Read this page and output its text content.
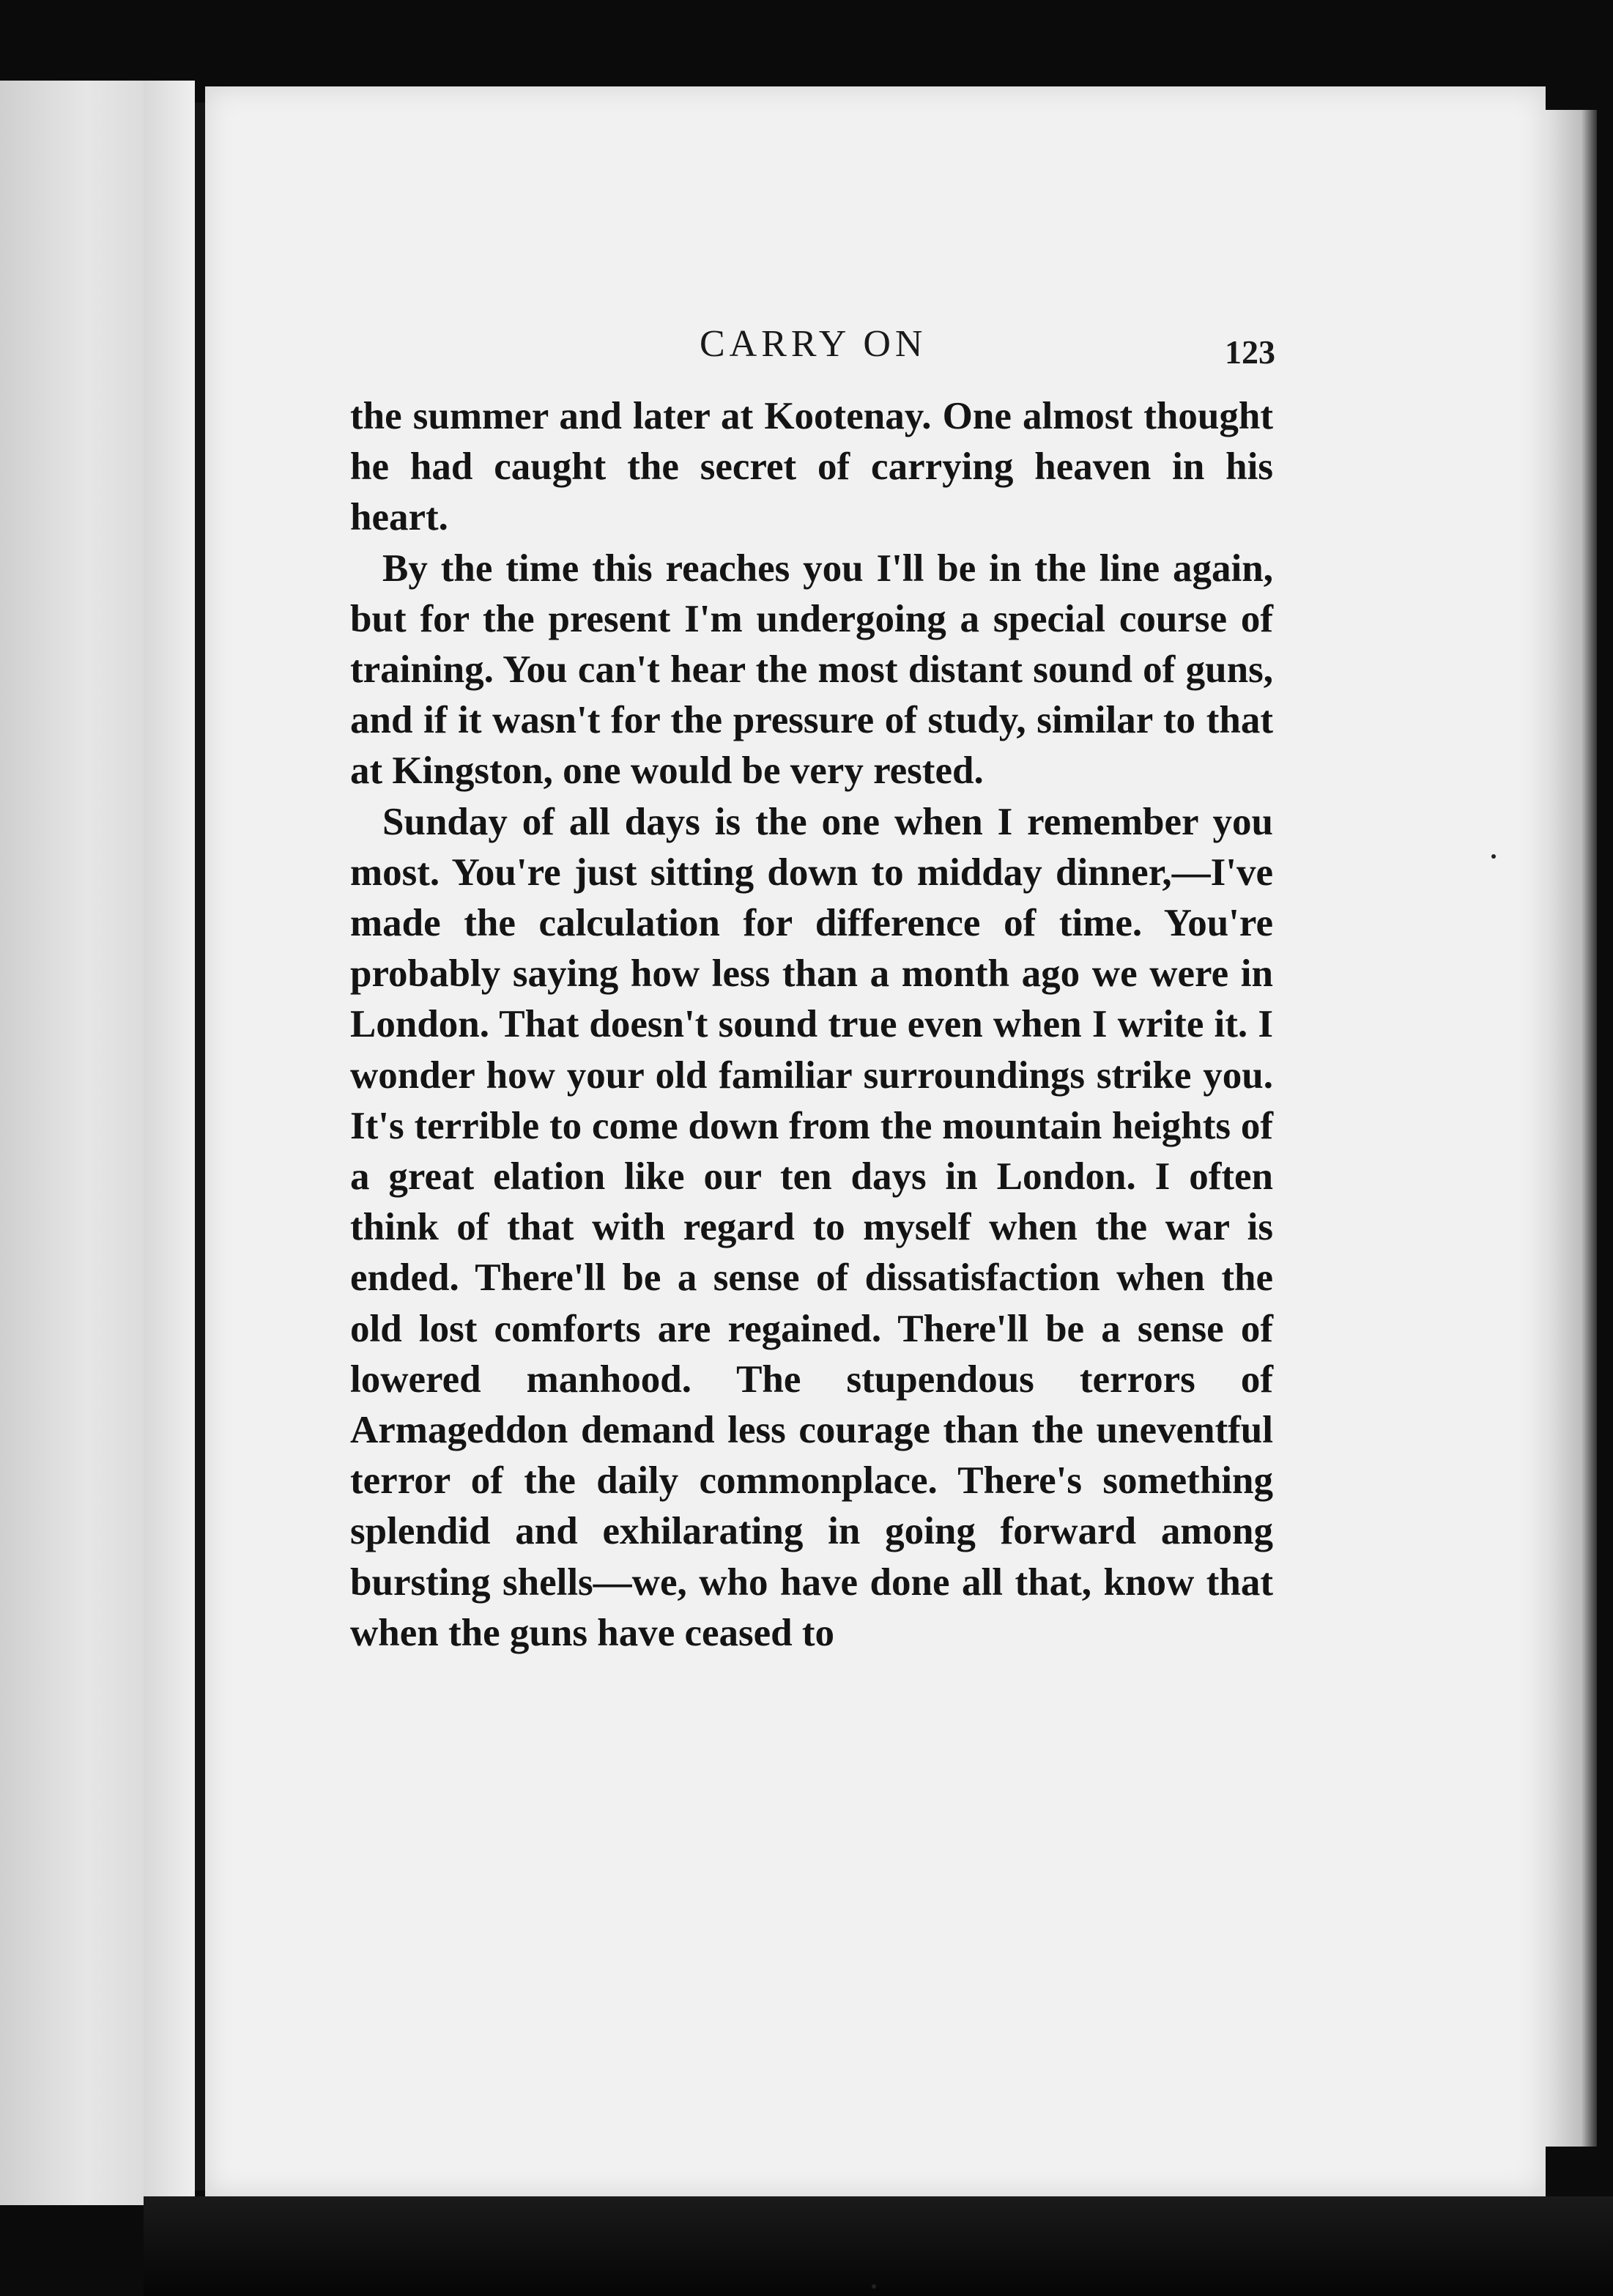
CARRY ON	123

the summer and later at Kootenay. One almost thought he had caught the secret of carrying heaven in his heart.

By the time this reaches you I'll be in the line again, but for the present I'm undergoing a special course of training. You can't hear the most distant sound of guns, and if it wasn't for the pressure of study, similar to that at Kingston, one would be very rested.

Sunday of all days is the one when I remember you most. You're just sitting down to midday dinner,—I've made the calculation for difference of time. You're probably saying how less than a month ago we were in London. That doesn't sound true even when I write it. I wonder how your old familiar surroundings strike you. It's terrible to come down from the mountain heights of a great elation like our ten days in London. I often think of that with regard to myself when the war is ended. There'll be a sense of dissatisfaction when the old lost comforts are regained. There'll be a sense of lowered manhood. The stupendous terrors of Armageddon demand less courage than the uneventful terror of the daily commonplace. There's something splendid and exhilarating in going forward among bursting shells—we, who have done all that, know that when the guns have ceased to
